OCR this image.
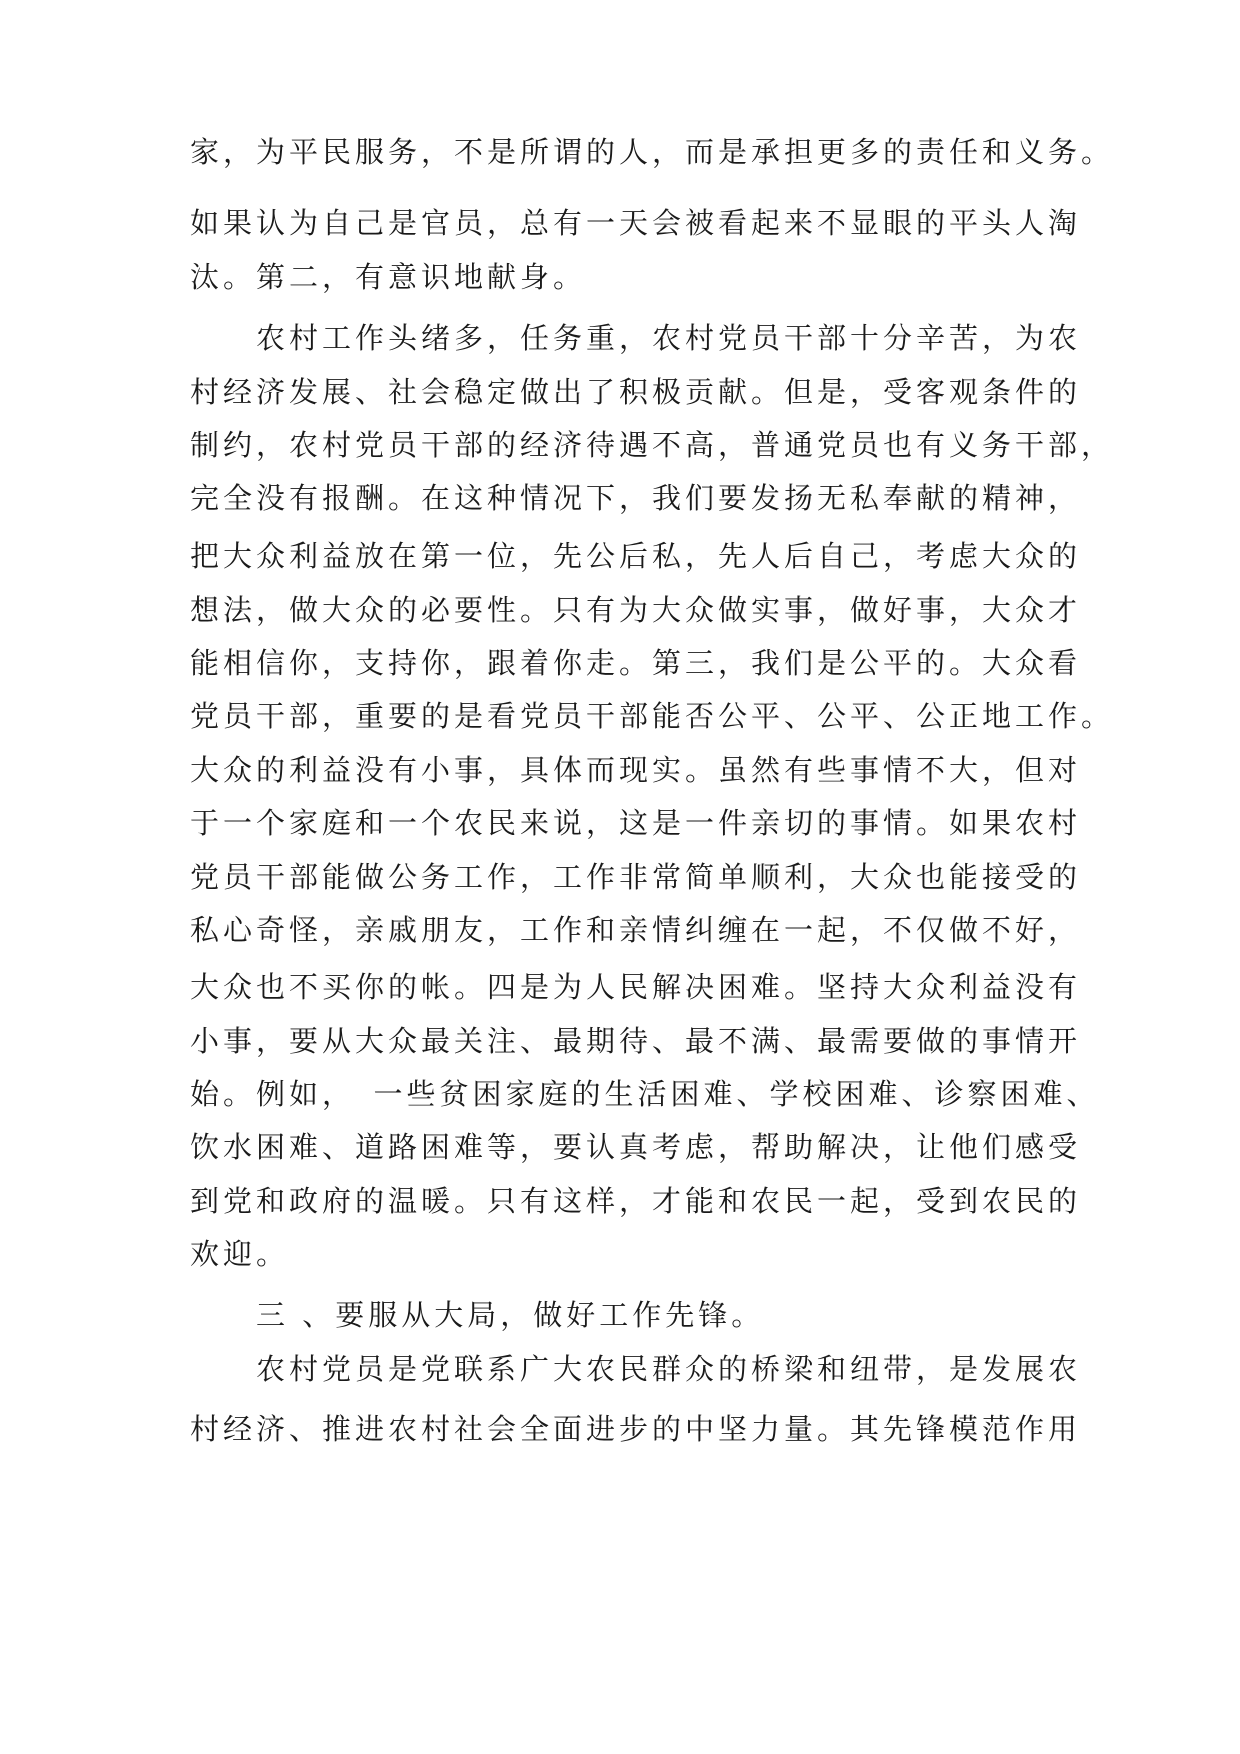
家，为平民服务，不是所谓的人，而是承担更多的责任和义务。
如果认为自己是官员，总有一天会被看起来不显眼的平头人淘
汰。第二，有意识地献身。
　　农村工作头绪多，任务重，农村党员干部十分辛苦，为农
村经济发展、社会稳定做出了积极贡献。但是，受客观条件的
制约，农村党员干部的经济待遇不高，普通党员也有义务干部，
完全没有报酬。在这种情况下，我们要发扬无私奉献的精神，
把大众利益放在第一位，先公后私，先人后自己，考虑大众的
想法，做大众的必要性。只有为大众做实事，做好事，大众才
能相信你，支持你，跟着你走。第三，我们是公平的。大众看
党员干部，重要的是看党员干部能否公平、公平、公正地工作。
大众的利益没有小事，具体而现实。虽然有些事情不大，但对
于一个家庭和一个农民来说，这是一件亲切的事情。如果农村
党员干部能做公务工作，工作非常简单顺利，大众也能接受的
私心奇怪，亲戚朋友，工作和亲情纠缠在一起，不仅做不好，
大众也不买你的帐。四是为人民解决困难。坚持大众利益没有
小事，要从大众最关注、最期待、最不满、最需要做的事情开
始。例如，　一些贫困家庭的生活困难、学校困难、诊察困难、
饮水困难、道路困难等，要认真考虑，帮助解决，让他们感受
到党和政府的温暖。只有这样，才能和农民一起，受到农民的
欢迎。
　　三 、要服从大局，做好工作先锋。
　　农村党员是党联系广大农民群众的桥梁和纽带，是发展农
村经济、推进农村社会全面进步的中坚力量。其先锋模范作用
